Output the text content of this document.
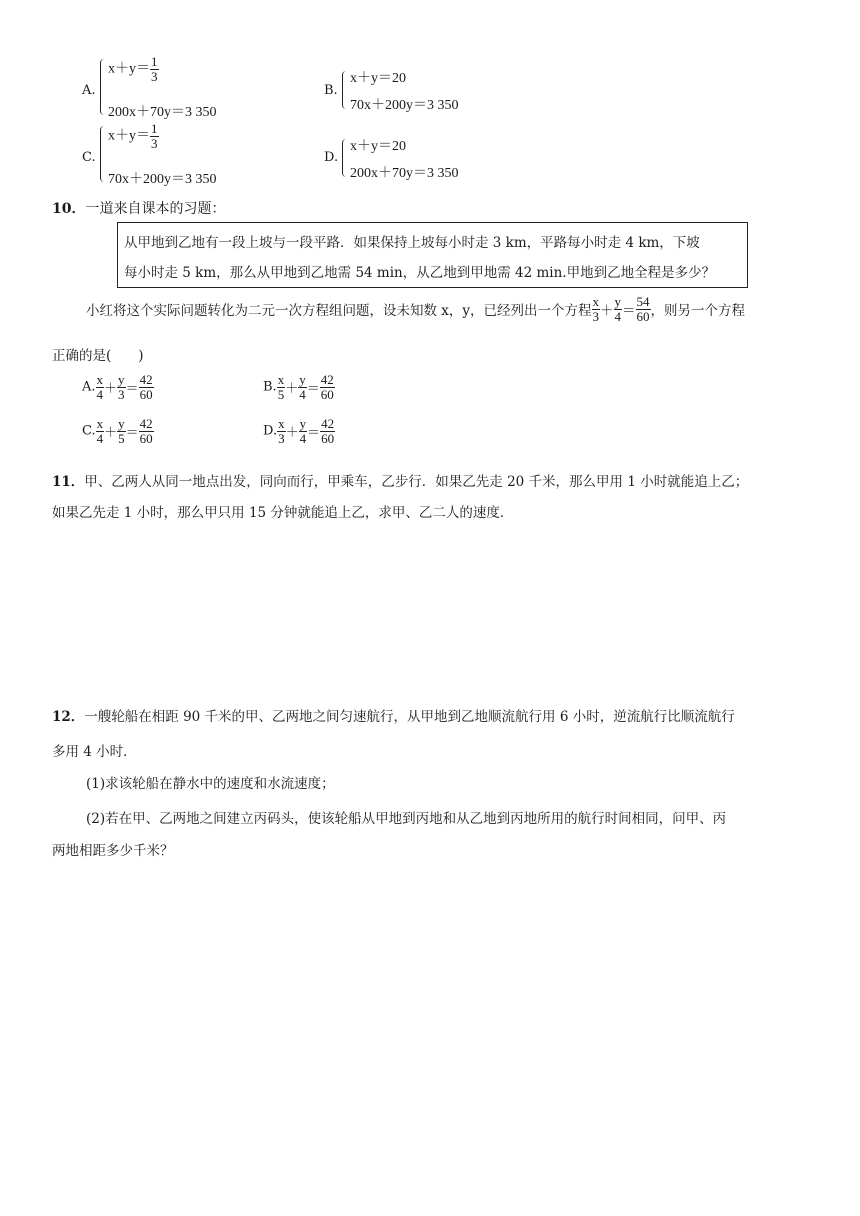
A.
$x+y= \frac{1}{3}$
200x＋70y＝3 350
B.
x＋y＝20
70x＋200y＝3 350
C.
$x+y= \frac{1}{3}$
70x＋200y＝3 350
D.
x＋y＝20
200x＋70y＝3 350
10．一道来自课本的习题：
从甲地到乙地有一段上坡与一段平路．如果保持上坡每小时走 3 km，平路每小时走 4 km，下坡
每小时走 5 km，那么从甲地到乙地需 54 min，从乙地到甲地需 42 min.甲地到乙地全程是多少？
小红将这个实际问题转化为二元一次方程组问题，设未知数 x，y，已经列出一个方程 $\frac{x}{3} + \frac{y}{4} = \frac{54}{60}$ ，则另一个方程
正确的是(　　)
A. $\frac{x}{4} + \frac{y}{3} = \frac{42}{60}$	B. $\frac{x}{5} + \frac{y}{4} = \frac{42}{60}$
C. $\frac{x}{4} + \frac{y}{5} = \frac{42}{60}$	D. $\frac{x}{3} + \frac{y}{4} = \frac{42}{60}$
11．甲、乙两人从同一地点出发，同向而行，甲乘车，乙步行．如果乙先走 20 千米，那么甲用 1 小时就能追上乙；
如果乙先走 1 小时，那么甲只用 15 分钟就能追上乙，求甲、乙二人的速度．
12．一艘轮船在相距 90 千米的甲、乙两地之间匀速航行，从甲地到乙地顺流航行用 6 小时，逆流航行比顺流航行
多用 4 小时．
(1)求该轮船在静水中的速度和水流速度；
(2)若在甲、乙两地之间建立丙码头，使该轮船从甲地到丙地和从乙地到丙地所用的航行时间相同，问甲、丙
两地相距多少千米？
